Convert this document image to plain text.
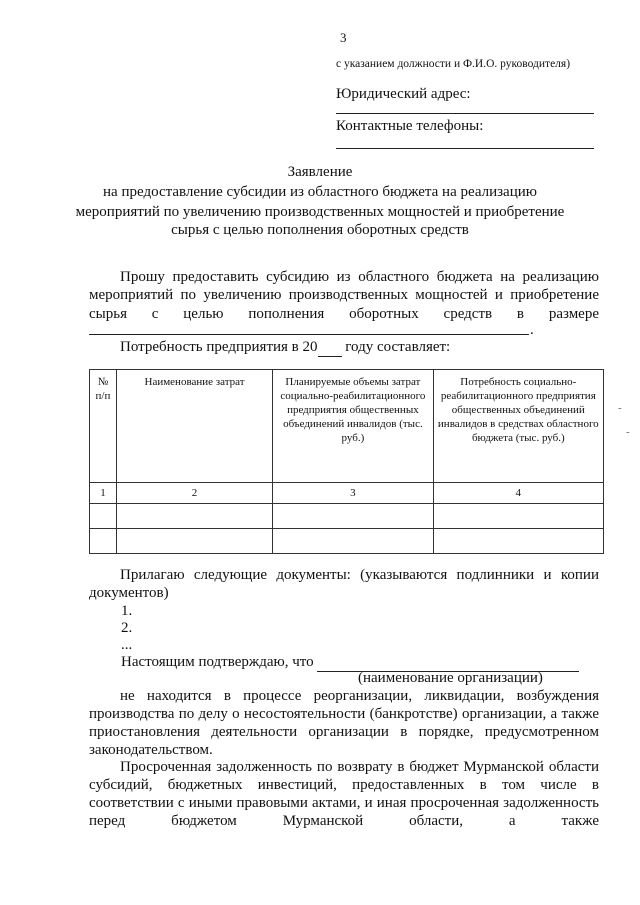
3
с указанием должности и Ф.И.О. руководителя)
Юридический адрес:
Контактные телефоны:
Заявление
на предоставление субсидии из областного бюджета на реализацию
мероприятий по увеличению производственных мощностей и приобретение
сырья с целью пополнения оборотных средств
Прошу предоставить субсидию из областного бюджета на реализацию
мероприятий по увеличению производственных мощностей и приобретение
сырья с целью пополнения оборотных средств в размере
.
Потребность предприятия в 20 году составляет:
№ п/п	Наименование затрат	Планируемые объемы затрат социально-реабилитационного предприятия общественных объединений инвалидов (тыс. руб.)	Потребность социально-реабилитационного предприятия общественных объединений инвалидов в средствах областного бюджета (тыс. руб.)
1	2	3	4

Прилагаю следующие документы: (указываются подлинники и копии документов)
1.
2.
...
Настоящим подтверждаю, что
(наименование организации)
не находится в процессе реорганизации, ликвидации, возбуждения производства по делу о несостоятельности (банкротстве) организации, а также приостановления деятельности организации в порядке, предусмотренном законодательством.
Просроченная задолженность по возврату в бюджет Мурманской области субсидий, бюджетных инвестиций, предоставленных в том числе в соответствии с иными правовыми актами, и иная просроченная задолженность перед бюджетом Мурманской области, а также
‐
‐
